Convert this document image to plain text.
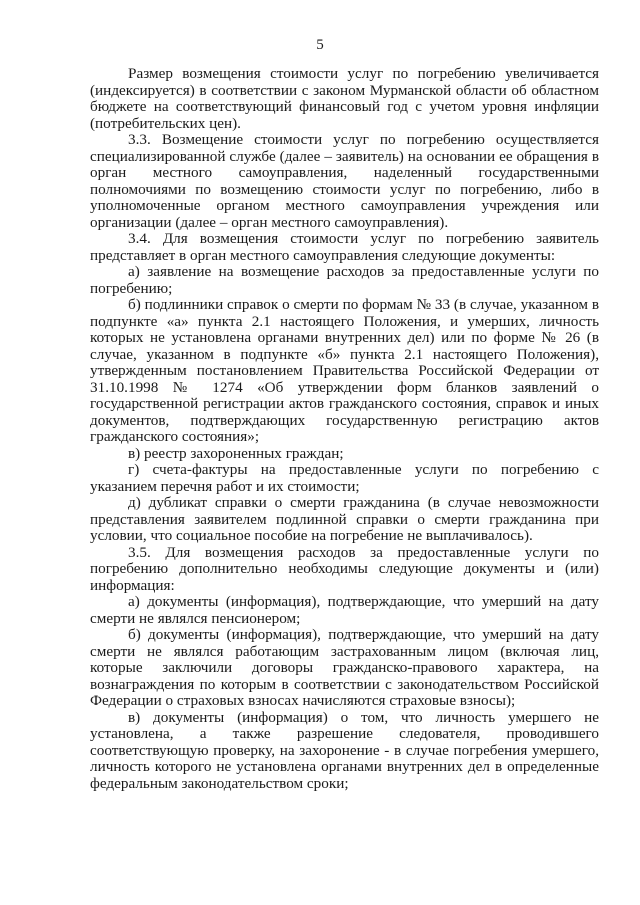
5

Размер возмещения стоимости услуг по погребению увеличивается (индексируется) в соответствии с законом Мурманской области об областном бюджете на соответствующий финансовый год с учетом уровня инфляции (потребительских цен).

3.3. Возмещение стоимости услуг по погребению осуществляется специализированной службе (далее – заявитель) на основании ее обращения в орган местного самоуправления, наделенный государственными полномочиями по возмещению стоимости услуг по погребению, либо в уполномоченные органом местного самоуправления учреждения или организации (далее – орган местного самоуправления).

3.4. Для возмещения стоимости услуг по погребению заявитель представляет в орган местного самоуправления следующие документы:

а) заявление на возмещение расходов за предоставленные услуги по погребению;

б) подлинники справок о смерти по формам № 33 (в случае, указанном в подпункте «а» пункта 2.1 настоящего Положения, и умерших, личность которых не установлена органами внутренних дел) или по форме № 26 (в случае, указанном в подпункте «б» пункта 2.1 настоящего Положения), утвержденным постановлением Правительства Российской Федерации от 31.10.1998 № 1274 «Об утверждении форм бланков заявлений о государственной регистрации актов гражданского состояния, справок и иных документов, подтверждающих государственную регистрацию актов гражданского состояния»;

в) реестр захороненных граждан;

г) счета-фактуры на предоставленные услуги по погребению с указанием перечня работ и их стоимости;

д) дубликат справки о смерти гражданина (в случае невозможности представления заявителем подлинной справки о смерти гражданина при условии, что социальное пособие на погребение не выплачивалось).

3.5. Для возмещения расходов за предоставленные услуги по погребению дополнительно необходимы следующие документы и (или) информация:

а) документы (информация), подтверждающие, что умерший на дату смерти не являлся пенсионером;

б) документы (информация), подтверждающие, что умерший на дату смерти не являлся работающим застрахованным лицом (включая лиц, которые заключили договоры гражданско-правового характера, на вознаграждения по которым в соответствии с законодательством Российской Федерации о страховых взносах начисляются страховые взносы);

в) документы (информация) о том, что личность умершего не установлена, а также разрешение следователя, проводившего соответствующую проверку, на захоронение - в случае погребения умершего, личность которого не установлена органами внутренних дел в определенные федеральным законодательством сроки;
